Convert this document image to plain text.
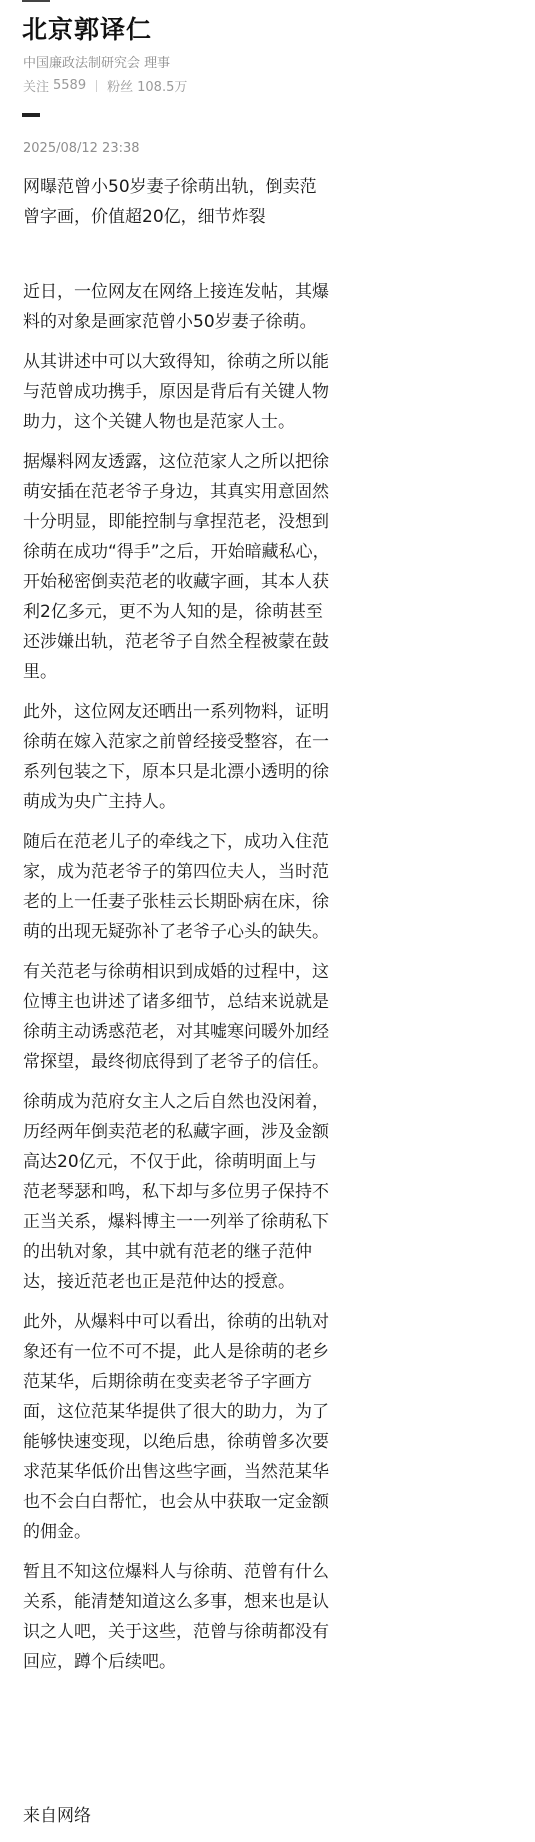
北京郭译仁
中国廉政法制研究会 理事
关注 5589 粉丝 108.5万
2025/08/12 23:38
网曝范曾小50岁妻子徐萌出轨，倒卖范曾字画，价值超20亿，细节炸裂

近日，一位网友在网络上接连发帖，其爆料的对象是画家范曾小50岁妻子徐萌。

从其讲述中可以大致得知，徐萌之所以能与范曾成功携手，原因是背后有关键人物助力，这个关键人物也是范家人士。

据爆料网友透露，这位范家人之所以把徐萌安插在范老爷子身边，其真实用意固然十分明显，即能控制与拿捏范老，没想到徐萌在成功“得手”之后，开始暗藏私心，开始秘密倒卖范老的收藏字画，其本人获利2亿多元，更不为人知的是，徐萌甚至还涉嫌出轨，范老爷子自然全程被蒙在鼓里。

此外，这位网友还晒出一系列物料，证明徐萌在嫁入范家之前曾经接受整容，在一系列包装之下，原本只是北漂小透明的徐萌成为央广主持人。

随后在范老儿子的牵线之下，成功入住范家，成为范老爷子的第四位夫人，当时范老的上一任妻子张桂云长期卧病在床，徐萌的出现无疑弥补了老爷子心头的缺失。

有关范老与徐萌相识到成婚的过程中，这位博主也讲述了诸多细节，总结来说就是徐萌主动诱惑范老，对其嘘寒问暖外加经常探望，最终彻底得到了老爷子的信任。

徐萌成为范府女主人之后自然也没闲着，历经两年倒卖范老的私藏字画，涉及金额高达20亿元，不仅于此，徐萌明面上与范老琴瑟和鸣，私下却与多位男子保持不正当关系，爆料博主一一列举了徐萌私下的出轨对象，其中就有范老的继子范仲达，接近范老也正是范仲达的授意。

此外，从爆料中可以看出，徐萌的出轨对象还有一位不可不提，此人是徐萌的老乡范某华，后期徐萌在变卖老爷子字画方面，这位范某华提供了很大的助力，为了能够快速变现，以绝后患，徐萌曾多次要求范某华低价出售这些字画，当然范某华也不会白白帮忙，也会从中获取一定金额的佣金。

暂且不知这位爆料人与徐萌、范曾有什么关系，能清楚知道这么多事，想来也是认识之人吧，关于这些，范曾与徐萌都没有回应，蹲个后续吧。

来自网络
